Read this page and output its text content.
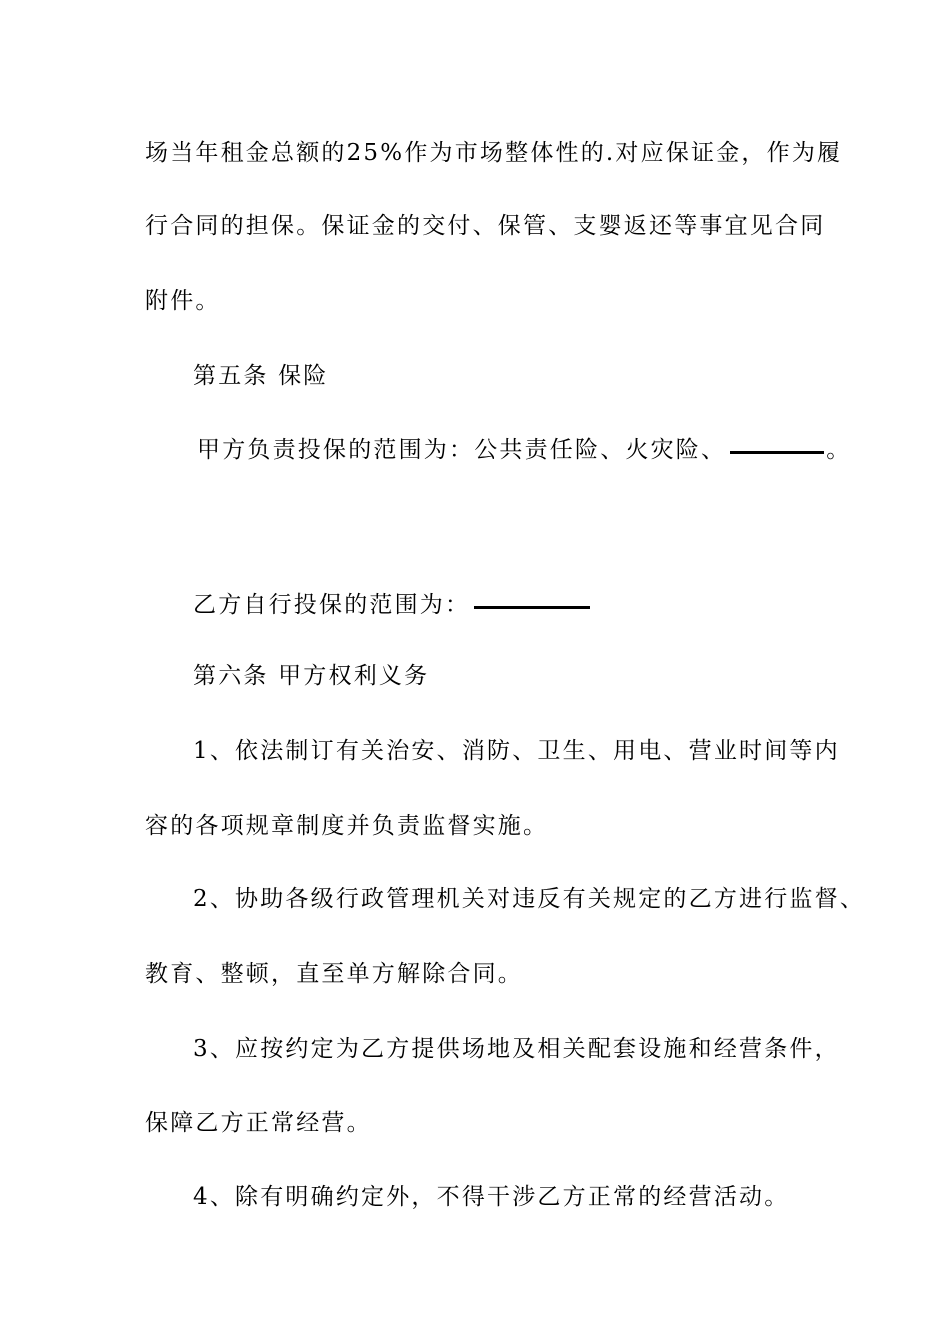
场当年租金总额的25%作为市场整体性的.对应保证金，作为履
行合同的担保。保证金的交付、保管、支婴返还等事宜见合同
附件。
第五条 保险
甲方负责投保的范围为：公共责任险、火灾险、	。
乙方自行投保的范围为：
第六条 甲方权利义务
1、依法制订有关治安、消防、卫生、用电、营业时间等内
容的各项规章制度并负责监督实施。
2、协助各级行政管理机关对违反有关规定的乙方进行监督、
教育、整顿，直至单方解除合同。
3、应按约定为乙方提供场地及相关配套设施和经营条件，
保障乙方正常经营。
4、除有明确约定外，不得干涉乙方正常的经营活动。
